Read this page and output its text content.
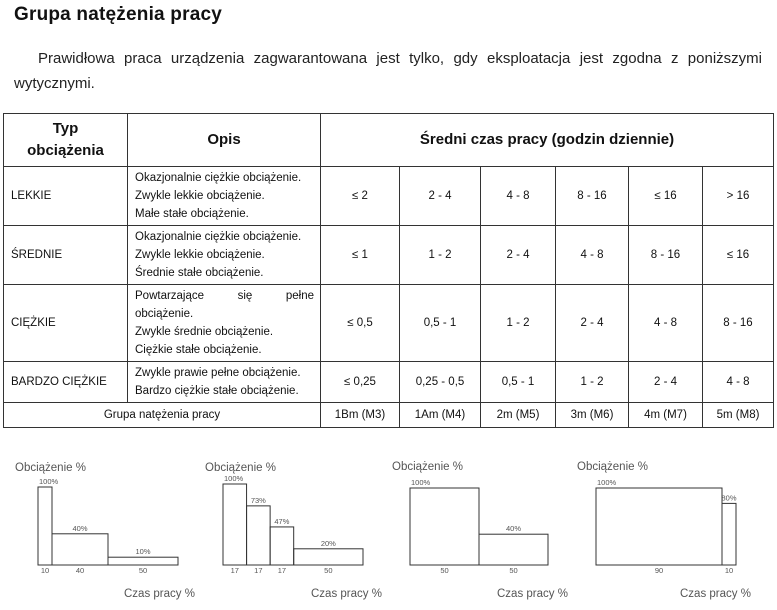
Grupa natężenia pracy

Prawidłowa praca urządzenia zagwarantowana jest tylko, gdy eksploatacja jest zgodna z poniższymi wytycznymi.

Typ
obciążenia	Opis	Średni czas pracy (godzin dziennie)					
LEKKIE	Okazjonalnie ciężkie obciążenie.
Zwykle lekkie obciążenie.
Małe stałe obciążenie.	≤ 2	2 - 4	4 - 8	8 - 16	≤ 16	> 16
ŚREDNIE	Okazjonalnie ciężkie obciążenie.
Zwykle lekkie obciążenie.
Średnie stałe obciążenie.	≤ 1	1 - 2	2 - 4	4 - 8	8 - 16	≤ 16
CIĘŻKIE	Powtarzające się pełne obciążenie.
Zwykle średnie obciążenie.
Ciężkie stałe obciążenie.	≤ 0,5	0,5 - 1	1 - 2	2 - 4	4 - 8	8 - 16
BARDZO CIĘŻKIE	Zwykle prawie pełne obciążenie.
Bardzo ciężkie stałe obciążenie.	≤ 0,25	0,25 - 0,5	0,5 - 1	1 - 2	2 - 4	4 - 8
Grupa natężenia pracy		1Bm (M3)	1Am (M4)	2m (M5)	3m (M6)	4m (M7)	5m (M8)
Obciążenie %
Czas pracy %
100%
10
40%
40
10%
50
Obciążenie %
Czas pracy %
100%
17
73%
17
47%
17
20%
50
Obciążenie %
Czas pracy %
100%
50
40%
50
Obciążenie %
Czas pracy %
100%
90
80%
10
